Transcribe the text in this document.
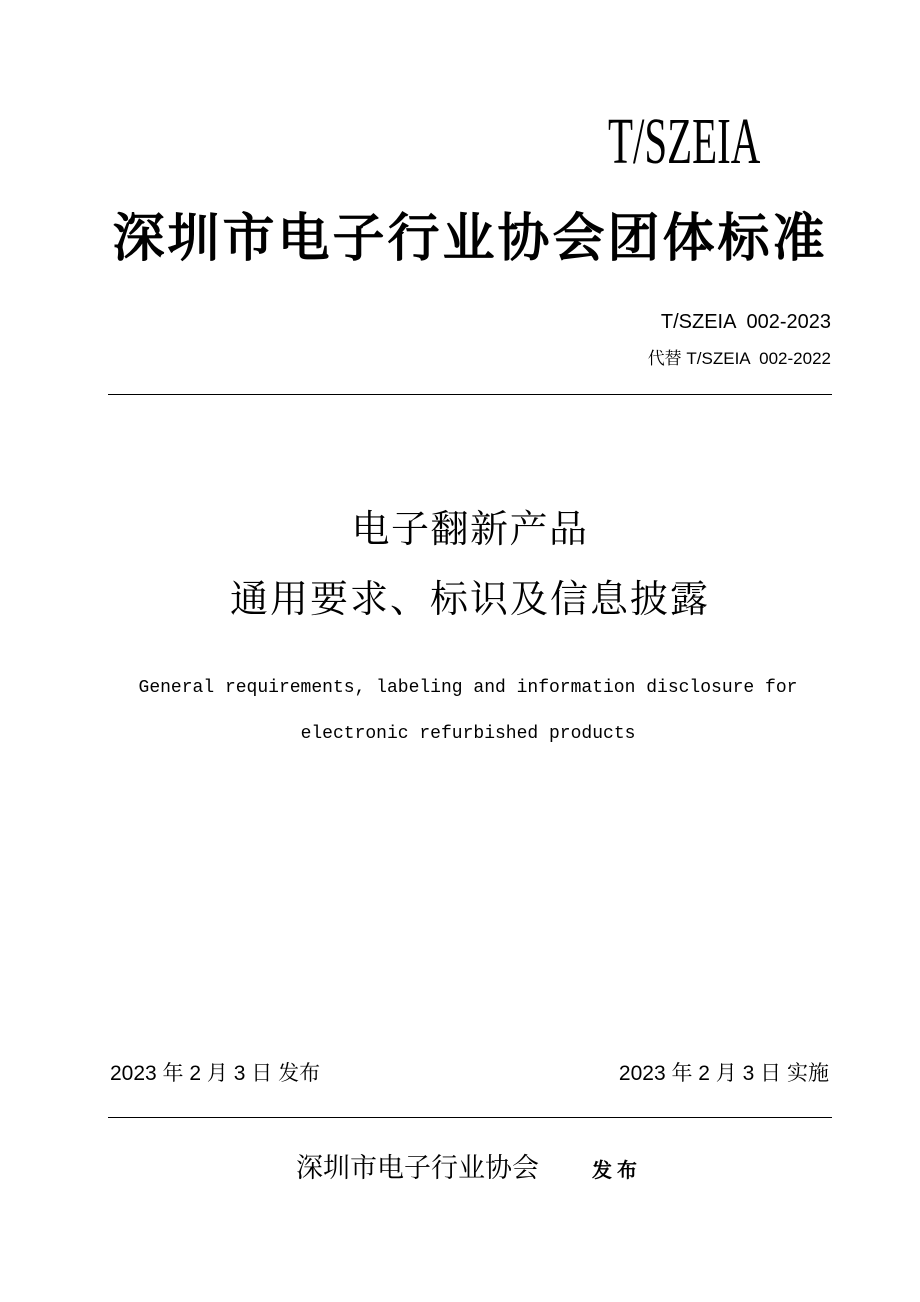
T/SZEIA
深圳市电子行业协会团体标准
T/SZEIA  002-2023
代替 T/SZEIA  002-2022
电子翻新产品
通用要求、标识及信息披露
General requirements, labeling and information disclosure for
electronic refurbished products
2023 年 2 月 3 日 发布	2023 年 2 月 3 日 实施
深圳市电子行业协会	发 布
